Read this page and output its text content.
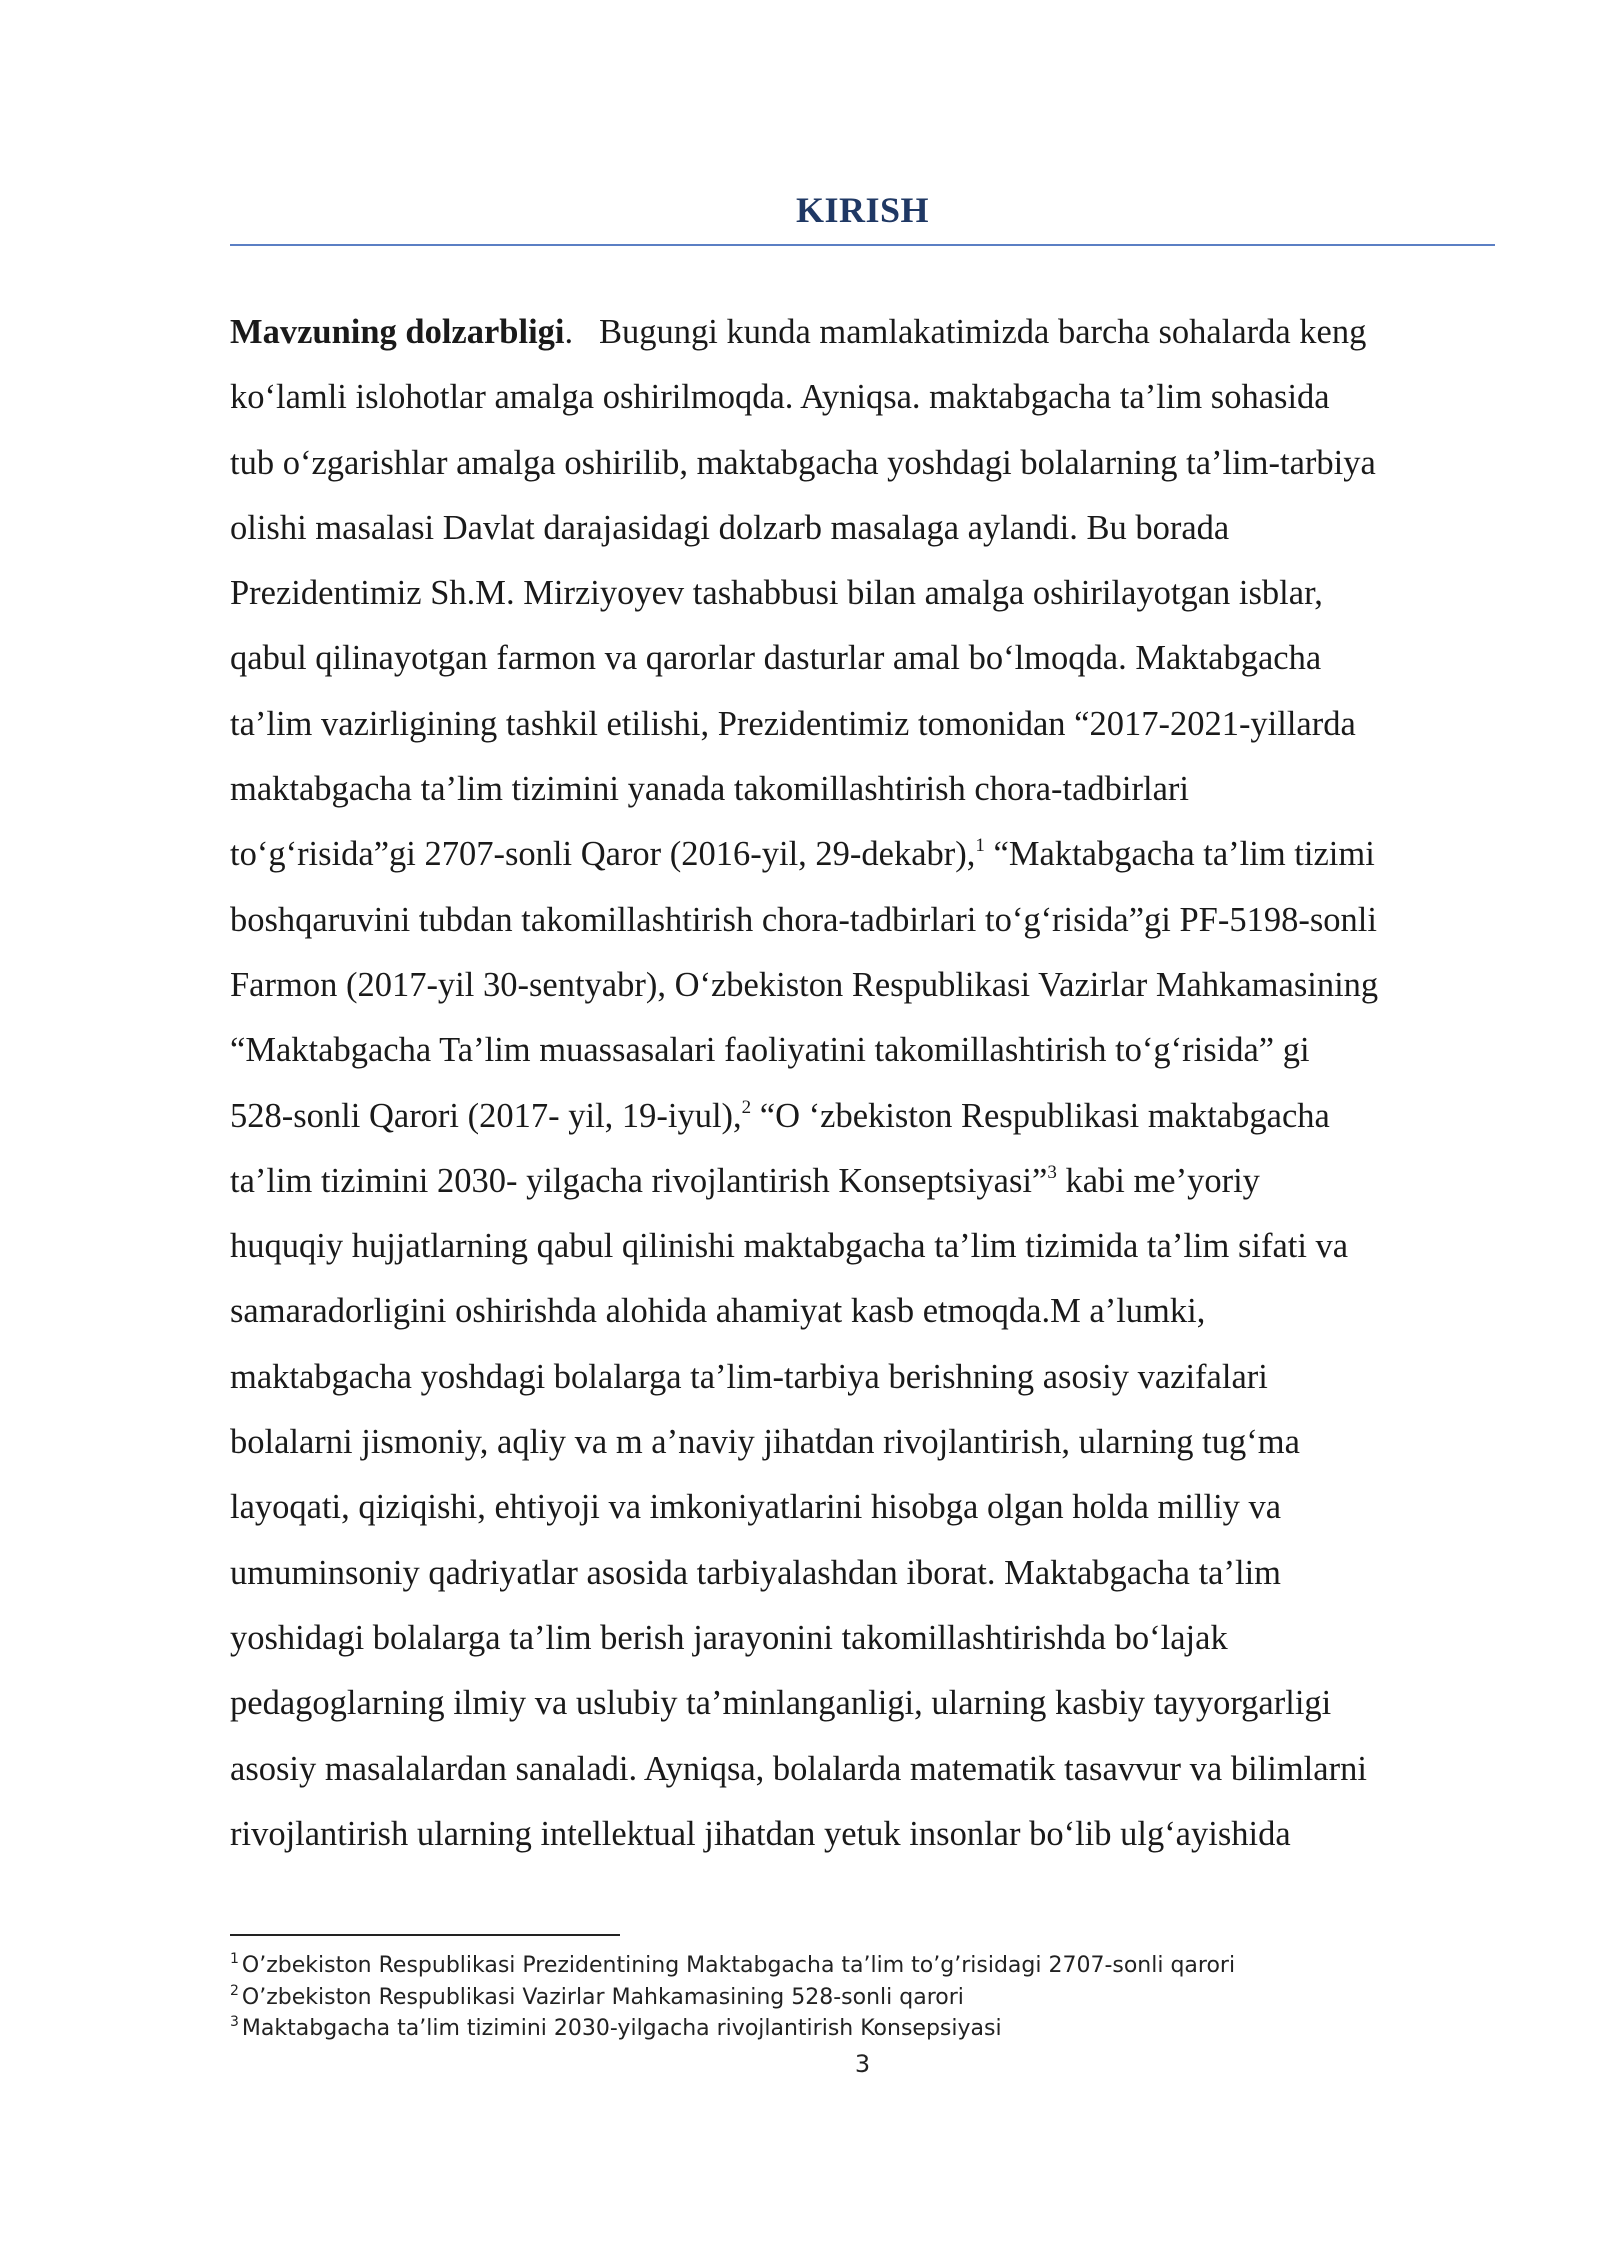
KIRISH
Mavzuning dolzarbligi. Bugungi kunda mamlakatimizda barcha sohalarda keng
ko‘lamli islohotlar amalga oshirilmoqda. Ayniqsa. maktabgacha ta’lim sohasida
tub o‘zgarishlar amalga oshirilib, maktabgacha yoshdagi bolalarning ta’lim-tarbiya
olishi masalasi Davlat darajasidagi dolzarb masalaga aylandi. Bu borada
Prezidentimiz Sh.M. Mirziyoyev tashabbusi bilan amalga oshirilayotgan isblar,
qabul qilinayotgan farmon va qarorlar dasturlar amal bo‘lmoqda. Maktabgacha
ta’lim vazirligining tashkil etilishi, Prezidentimiz tomonidan “2017-2021-yillarda
maktabgacha ta’lim tizimini yanada takomillashtirish chora-tadbirlari
to‘g‘risida”gi 2707-sonli Qaror (2016-yil, 29-dekabr),$^1$ “Maktabgacha ta’lim tizimi
boshqaruvini tubdan takomillashtirish chora-tadbirlari to‘g‘risida”gi PF-5198-sonli
Farmon (2017-yil 30-sentyabr), O‘zbekiston Respublikasi Vazirlar Mahkamasining
“Maktabgacha Ta’lim muassasalari faoliyatini takomillashtirish to‘g‘risida” gi
528-sonli Qarori (2017- yil, 19-iyul),$^2$ “O ‘zbekiston Respublikasi maktabgacha
ta’lim tizimini 2030- yilgacha rivojlantirish Konseptsiyasi”$^3$ kabi me’yoriy
huquqiy hujjatlarning qabul qilinishi maktabgacha ta’lim tizimida ta’lim sifati va
samaradorligini oshirishda alohida ahamiyat kasb etmoqda.M a’lumki,
maktabgacha yoshdagi bolalarga ta’lim-tarbiya berishning asosiy vazifalari
bolalarni jismoniy, aqliy va m a’naviy jihatdan rivojlantirish, ularning tug‘ma
layoqati, qiziqishi, ehtiyoji va imkoniyatlarini hisobga olgan holda milliy va
umuminsoniy qadriyatlar asosida tarbiyalashdan iborat. Maktabgacha ta’lim
yoshidagi bolalarga ta’lim berish jarayonini takomillashtirishda bo‘lajak
pedagoglarning ilmiy va uslubiy ta’minlanganligi, ularning kasbiy tayyorgarligi
asosiy masalalardan sanaladi. Ayniqsa, bolalarda matematik tasavvur va bilimlarni
rivojlantirish ularning intellektual jihatdan yetuk insonlar bo‘lib ulg‘ayishida
$^1$ O’zbekiston Respublikasi Prezidentining Maktabgacha ta’lim to’g’risidagi 2707-sonli qarori
$^2$ O’zbekiston Respublikasi Vazirlar Mahkamasining 528-sonli qarori
$^3$ Maktabgacha ta’lim tizimini 2030-yilgacha rivojlantirish Konsepsiyasi
3
